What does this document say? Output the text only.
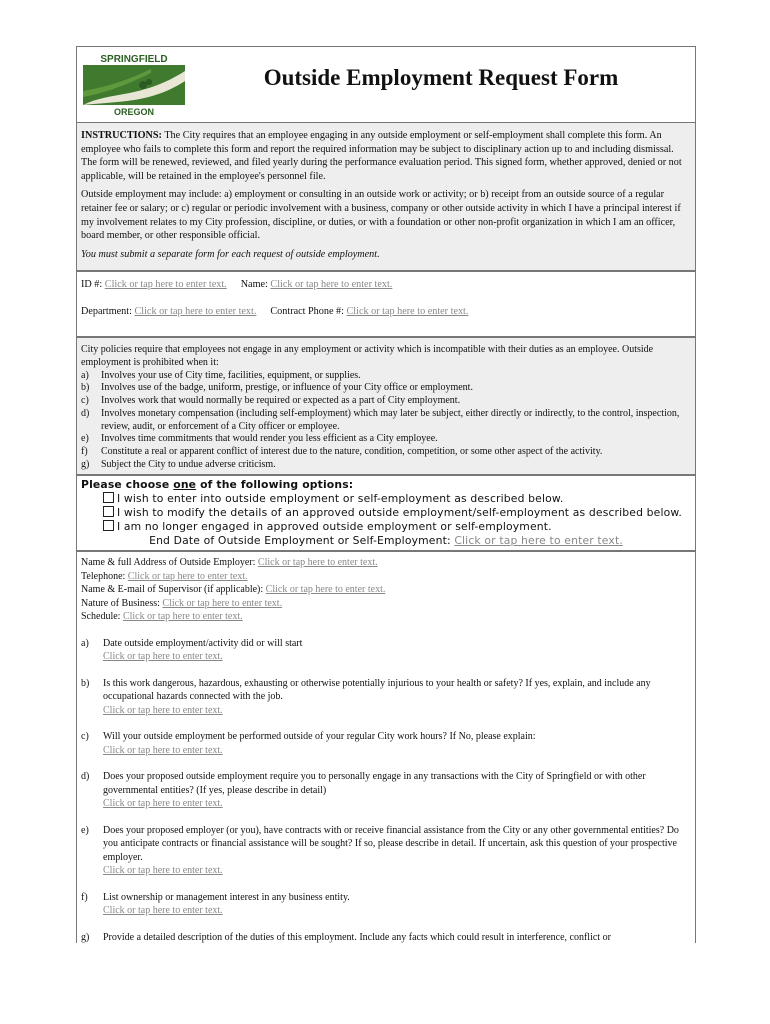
SPRINGFIELD
OREGON
Outside Employment Request Form

INSTRUCTIONS: The City requires that an employee engaging in any outside employment or self-employment shall complete this form. An employee who fails to complete this form and report the required information may be subject to disciplinary action up to and including dismissal. The form will be renewed, reviewed, and filed yearly during the performance evaluation period. This signed form, whether approved, denied or not applicable, will be retained in the employee's personnel file.

Outside employment may include: a) employment or consulting in an outside work or activity; or b) receipt from an outside source of a regular retainer fee or salary; or c) regular or periodic involvement with a business, company or other outside activity in which I have a principal interest if my involvement relates to my City profession, discipline, or duties, or with a foundation or other non-profit organization in which I am an officer, board member, or other responsible official.

You must submit a separate form for each request of outside employment.

ID #: Click or tap here to enter text. Name: Click or tap here to enter text.
Department: Click or tap here to enter text. Contract Phone #: Click or tap here to enter text.

City policies require that employees not engage in any employment or activity which is incompatible with their duties as an employee. Outside employment is prohibited when it:

a) Involves your use of City time, facilities, equipment, or supplies.
b) Involves use of the badge, uniform, prestige, or influence of your City office or employment.
c) Involves work that would normally be required or expected as a part of City employment.
d) Involves monetary compensation (including self-employment) which may later be subject, either directly or indirectly, to the control, inspection, review, audit, or enforcement of a City officer or employee.
e) Involves time commitments that would render you less efficient as a City employee.
f) Constitute a real or apparent conflict of interest due to the nature, condition, competition, or some other aspect of the activity.
g) Subject the City to undue adverse criticism.
Please choose one of the following options:
I wish to enter into outside employment or self-employment as described below.
I wish to modify the details of an approved outside employment/self-employment as described below.
I am no longer engaged in approved outside employment or self-employment.
End Date of Outside Employment or Self-Employment: Click or tap here to enter text.

Name & full Address of Outside Employer: Click or tap here to enter text.

Telephone: Click or tap here to enter text.

Name & E-mail of Supervisor (if applicable): Click or tap here to enter text.

Nature of Business: Click or tap here to enter text.

Schedule: Click or tap here to enter text.

a) Date outside employment/activity did or will start
Click or tap here to enter text.
b) Is this work dangerous, hazardous, exhausting or otherwise potentially injurious to your health or safety? If yes, explain, and include any occupational hazards connected with the job.
Click or tap here to enter text.
c) Will your outside employment be performed outside of your regular City work hours? If No, please explain:
Click or tap here to enter text.
d) Does your proposed outside employment require you to personally engage in any transactions with the City of Springfield or with other governmental entities? (If yes, please describe in detail)
Click or tap here to enter text.
e) Does your proposed employer (or you), have contracts with or receive financial assistance from the City or any other governmental entities? Do you anticipate contracts or financial assistance will be sought? If so, please describe in detail. If uncertain, ask this question of your prospective employer.
Click or tap here to enter text.
f) List ownership or management interest in any business entity.
Click or tap here to enter text.
g) Provide a detailed description of the duties of this employment. Include any facts which could result in interference, conflict or
